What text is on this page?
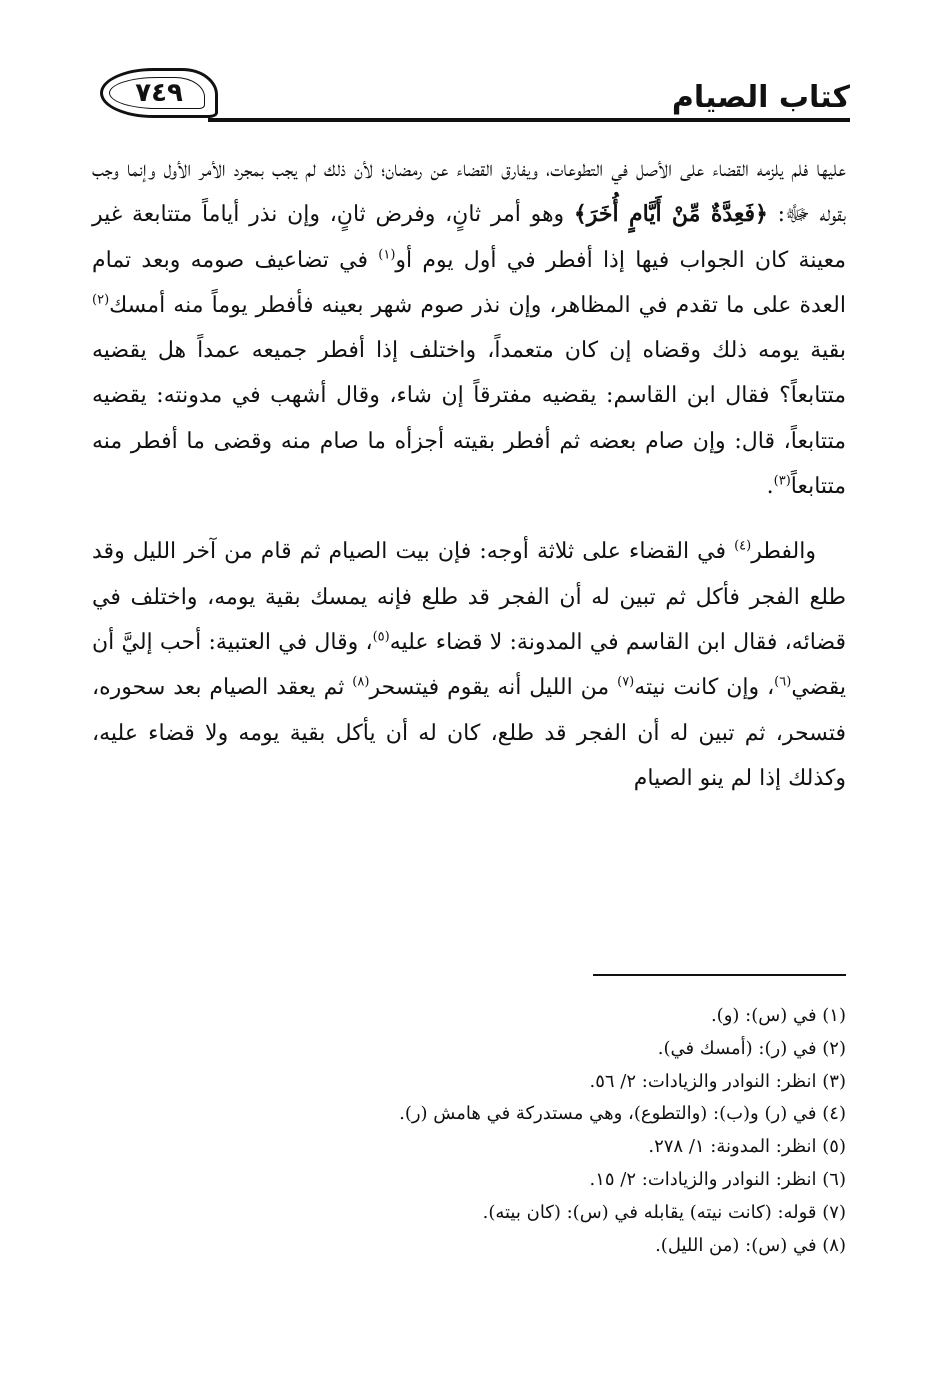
كتاب الصيام
٧٤٩

عليها فلم يلزمه القضاء على الأصل في التطوعات، ويفارق القضاء عن رمضان؛ لأن ذلك لم يجب بمجرد الأمر الأول وإنما وجب بقوله ﷻ: ﴿فَعِدَّةٌ مِّنْ أَيَّامٍ أُخَرَ﴾ وهو أمر ثانٍ، وفرض ثانٍ، وإن نذر أياماً متتابعة غير معينة كان الجواب فيها إذا أفطر في أول يوم أو$^{(١)}$ في تضاعيف صومه وبعد تمام العدة على ما تقدم في المظاهر، وإن نذر صوم شهر بعينه فأفطر يوماً منه أمسك$^{(٢)}$ بقية يومه ذلك وقضاه إن كان متعمداً، واختلف إذا أفطر جميعه عمداً هل يقضيه متتابعاً؟ فقال ابن القاسم: يقضيه مفترقاً إن شاء، وقال أشهب في مدونته: يقضيه متتابعاً، قال: وإن صام بعضه ثم أفطر بقيته أجزأه ما صام منه وقضى ما أفطر منه متتابعاً$^{(٣)}$.

والفطر$^{(٤)}$ في القضاء على ثلاثة أوجه: فإن بيت الصيام ثم قام من آخر الليل وقد طلع الفجر فأكل ثم تبين له أن الفجر قد طلع فإنه يمسك بقية يومه، واختلف في قضائه، فقال ابن القاسم في المدونة: لا قضاء عليه$^{(٥)}$، وقال في العتبية: أحب إليَّ أن يقضي$^{(٦)}$، وإن كانت نيته$^{(٧)}$ من الليل أنه يقوم فيتسحر$^{(٨)}$ ثم يعقد الصيام بعد سحوره، فتسحر، ثم تبين له أن الفجر قد طلع، كان له أن يأكل بقية يومه ولا قضاء عليه، وكذلك إذا لم ينو الصيام

(١) في (س): (و).
(٢) في (ر): (أمسك في).
(٣) انظر: النوادر والزيادات: ٢/ ٥٦.
(٤) في (ر) و(ب): (والتطوع)، وهي مستدركة في هامش (ر).
(٥) انظر: المدونة: ١/ ٢٧٨.
(٦) انظر: النوادر والزيادات: ٢/ ١٥.
(٧) قوله: (كانت نيته) يقابله في (س): (كان بيته).
(٨) في (س): (من الليل).
